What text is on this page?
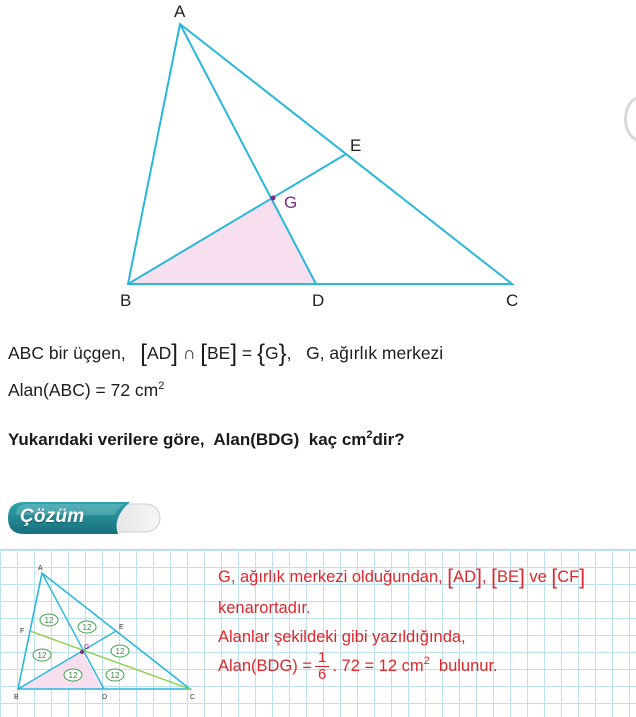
A
E
G
B	D	C
ABC bir üçgen, [AD] ∩ [BE] = {G},   G, ağırlık merkezi
Alan(ABC) = 72 $cm^2$
Yukarıdaki verilere göre,  Alan(BDG)  kaç $cm^2dir$?
Çözüm
12
12
12	12
12	12
A
F
E
G
B	D	C
G, ağırlık merkezi olduğundan, [AD], [BE] ve [CF]
kenarortadır.
Alanlar şekildeki gibi yazıldığında,
Alan(BDG) = $\frac{1}{6}$ . 72 = 12 $cm^2$  bulunur.
